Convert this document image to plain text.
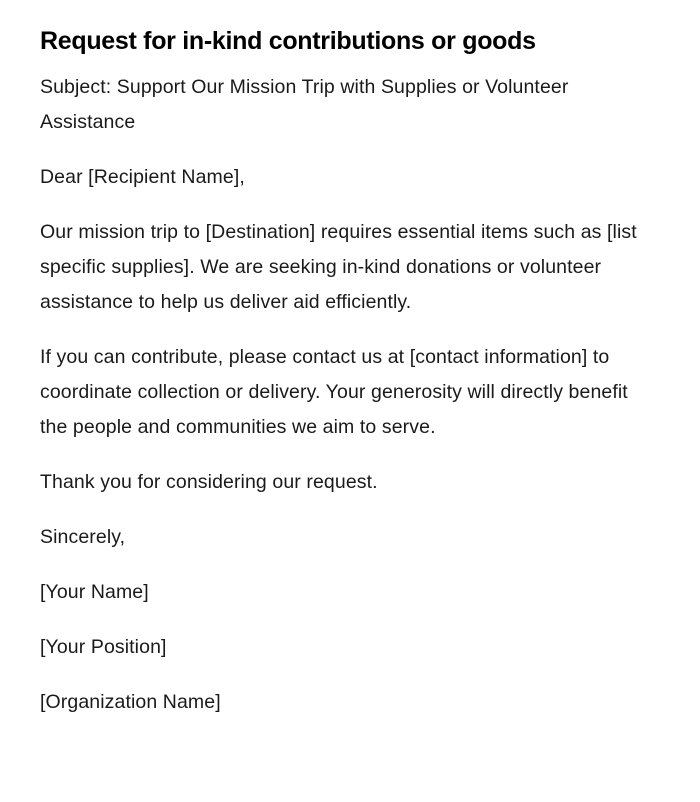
Request for in-kind contributions or goods

Subject: Support Our Mission Trip with Supplies or Volunteer Assistance

Dear [Recipient Name],

Our mission trip to [Destination] requires essential items such as [list specific supplies]. We are seeking in-kind donations or volunteer assistance to help us deliver aid efficiently.

If you can contribute, please contact us at [contact information] to coordinate collection or delivery. Your generosity will directly benefit the people and communities we aim to serve.

Thank you for considering our request.

Sincerely,

[Your Name]

[Your Position]

[Organization Name]
